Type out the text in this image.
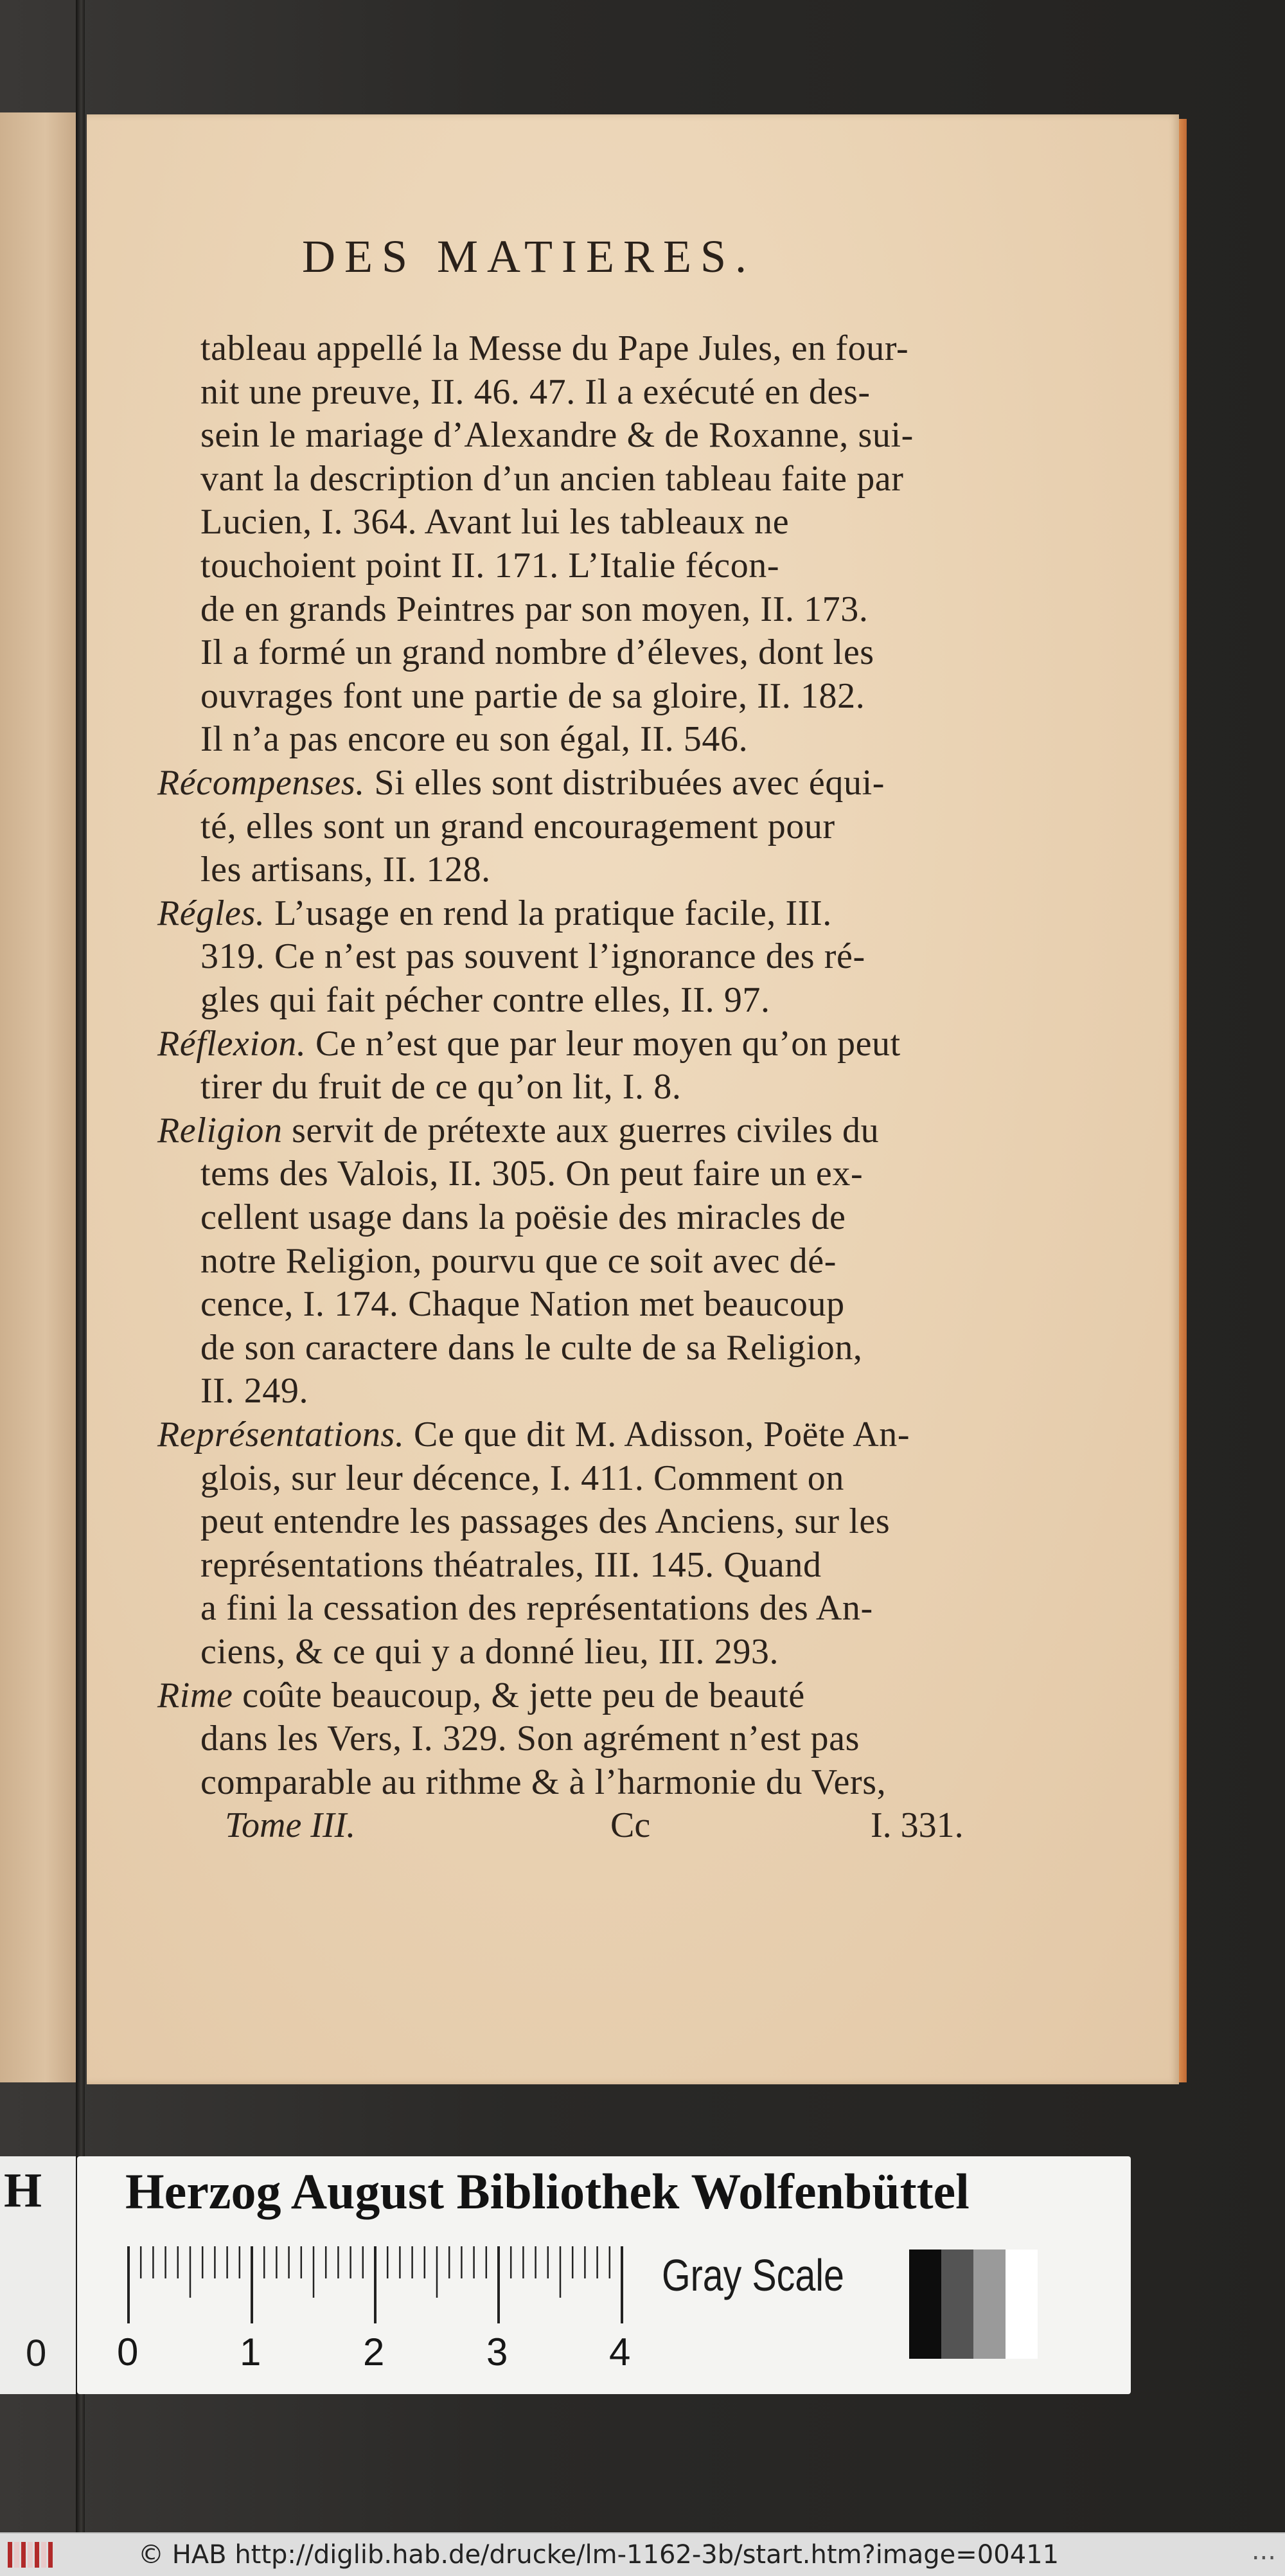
DES MATIERES.
tableau appellé la Messe du Pape Jules, en four-
nit une preuve, II. 46. 47. Il a exécuté en des-
sein le mariage d’Alexandre & de Roxanne, sui-
vant la description d’un ancien tableau faite par
Lucien, I. 364. Avant lui les tableaux ne
touchoient point II. 171. L’Italie fécon-
de en grands Peintres par son moyen, II. 173.
Il a formé un grand nombre d’éleves, dont les
ouvrages font une partie de sa gloire, II. 182.
Il n’a pas encore eu son égal, II. 546.
Récompenses. Si elles sont distribuées avec équi-
té, elles sont un grand encouragement pour
les artisans, II. 128.
Régles. L’usage en rend la pratique facile, III.
319. Ce n’est pas souvent l’ignorance des ré-
gles qui fait pécher contre elles, II. 97.
Réflexion. Ce n’est que par leur moyen qu’on peut
tirer du fruit de ce qu’on lit, I. 8.
Religion servit de prétexte aux guerres civiles du
tems des Valois, II. 305. On peut faire un ex-
cellent usage dans la poësie des miracles de
notre Religion, pourvu que ce soit avec dé-
cence, I. 174. Chaque Nation met beaucoup
de son caractere dans le culte de sa Religion,
II. 249.
Représentations. Ce que dit M. Adisson, Poëte An-
glois, sur leur décence, I. 411. Comment on
peut entendre les passages des Anciens, sur les
représentations théatrales, III. 145. Quand
a fini la cessation des représentations des An-
ciens, & ce qui y a donné lieu, III. 293.
Rime coûte beaucoup, & jette peu de beauté
dans les Vers, I. 329. Son agrément n’est pas
comparable au rithme & à l’harmonie du Vers,
Tome III.	Cc	I. 331.
H
0
Herzog August Bibliothek Wolfenbüttel
0	1	2	3	4
Gray Scale
© HAB http://diglib.hab.de/drucke/lm-1162-3b/start.htm?image=00411	...
